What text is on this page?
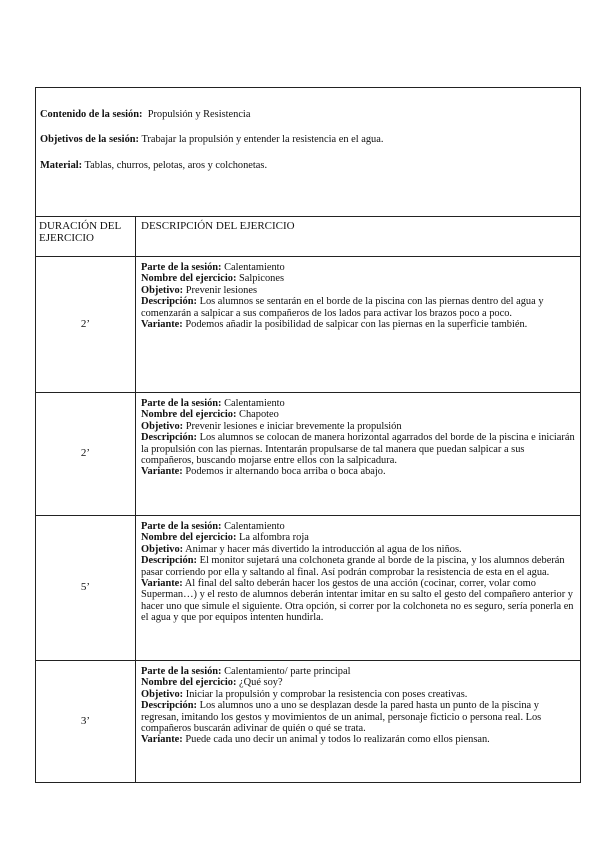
Contenido de la sesión: Propulsión y Resistencia

Objetivos de la sesión: Trabajar la propulsión y entender la resistencia en el agua.

Material: Tablas, churros, pelotas, aros y colchonetas.	

DURACIÓN DEL EJERCICIO	DESCRIPCIÓN DEL EJERCICIO
2’	Parte de la sesión: Calentamiento
Nombre del ejercicio: Salpicones
Objetivo: Prevenir lesiones
Descripción: Los alumnos se sentarán en el borde de la piscina con las piernas dentro del agua y comenzarán a salpicar a sus compañeros de los lados para activar los brazos poco a poco.
Variante: Podemos añadir la posibilidad de salpicar con las piernas en la superficie también.

2’	Parte de la sesión: Calentamiento
Nombre del ejercicio: Chapoteo
Objetivo: Prevenir lesiones e iniciar brevemente la propulsión
Descripción: Los alumnos se colocan de manera horizontal agarrados del borde de la piscina e iniciarán la propulsión con las piernas. Intentarán propulsarse de tal manera que puedan salpicar a sus compañeros, buscando mojarse entre ellos con la salpicadura.
Variante: Podemos ir alternando boca arriba o boca abajo.

5’	Parte de la sesión: Calentamiento
Nombre del ejercicio: La alfombra roja
Objetivo: Animar y hacer más divertido la introducción al agua de los niños.
Descripción: El monitor sujetará una colchoneta grande al borde de la piscina, y los alumnos deberán pasar corriendo por ella y saltando al final. Así podrán comprobar la resistencia de esta en el agua.
Variante: Al final del salto deberán hacer los gestos de una acción (cocinar, correr, volar como Superman…) y el resto de alumnos deberán intentar imitar en su salto el gesto del compañero anterior y hacer uno que simule el siguiente. Otra opción, si correr por la colchoneta no es seguro, sería ponerla en el agua y que por equipos intenten hundirla.

3’	Parte de la sesión: Calentamiento/ parte principal
Nombre del ejercicio: ¿Qué soy?
Objetivo: Iniciar la propulsión y comprobar la resistencia con poses creativas.
Descripción: Los alumnos uno a uno se desplazan desde la pared hasta un punto de la piscina y regresan, imitando los gestos y movimientos de un animal, personaje ficticio o persona real. Los compañeros buscarán adivinar de quién o qué se trata.
Variante: Puede cada uno decir un animal y todos lo realizarán como ellos piensan.
